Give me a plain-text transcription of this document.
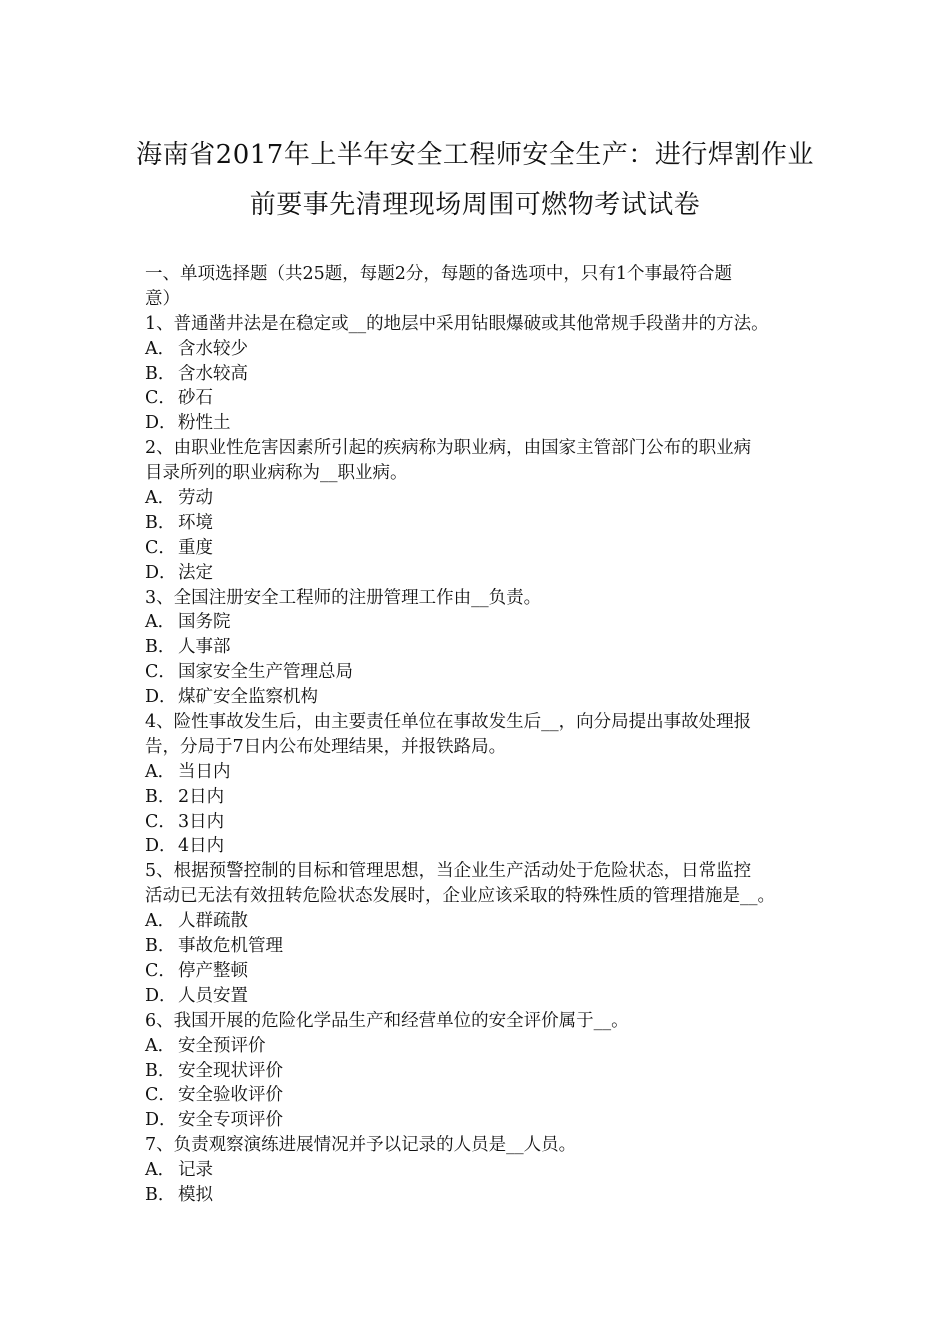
海南省2017年上半年安全工程师安全生产：进行焊割作业
前要事先清理现场周围可燃物考试试卷
一、单项选择题（共25题，每题2分，每题的备选项中，只有1个事最符合题
意）
1、普通凿井法是在稳定或__的地层中采用钻眼爆破或其他常规手段凿井的方法。
A． 含水较少
B． 含水较高
C． 砂石
D．粉性土
2、由职业性危害因素所引起的疾病称为职业病，由国家主管部门公布的职业病
目录所列的职业病称为__职业病。
A． 劳动
B． 环境
C． 重度
D．法定
3、全国注册安全工程师的注册管理工作由__负责。
A． 国务院
B． 人事部
C． 国家安全生产管理总局
D．煤矿安全监察机构
4、险性事故发生后，由主要责任单位在事故发生后__，向分局提出事故处理报
告，分局于7日内公布处理结果，并报铁路局。
A． 当日内
B． 2日内
C． 3日内
D．4日内
5、根据预警控制的目标和管理思想，当企业生产活动处于危险状态，日常监控
活动已无法有效扭转危险状态发展时，企业应该采取的特殊性质的管理措施是__。
A． 人群疏散
B． 事故危机管理
C． 停产整顿
D．人员安置
6、我国开展的危险化学品生产和经营单位的安全评价属于__。
A． 安全预评价
B． 安全现状评价
C． 安全验收评价
D．安全专项评价
7、负责观察演练进展情况并予以记录的人员是__人员。
A． 记录
B． 模拟
